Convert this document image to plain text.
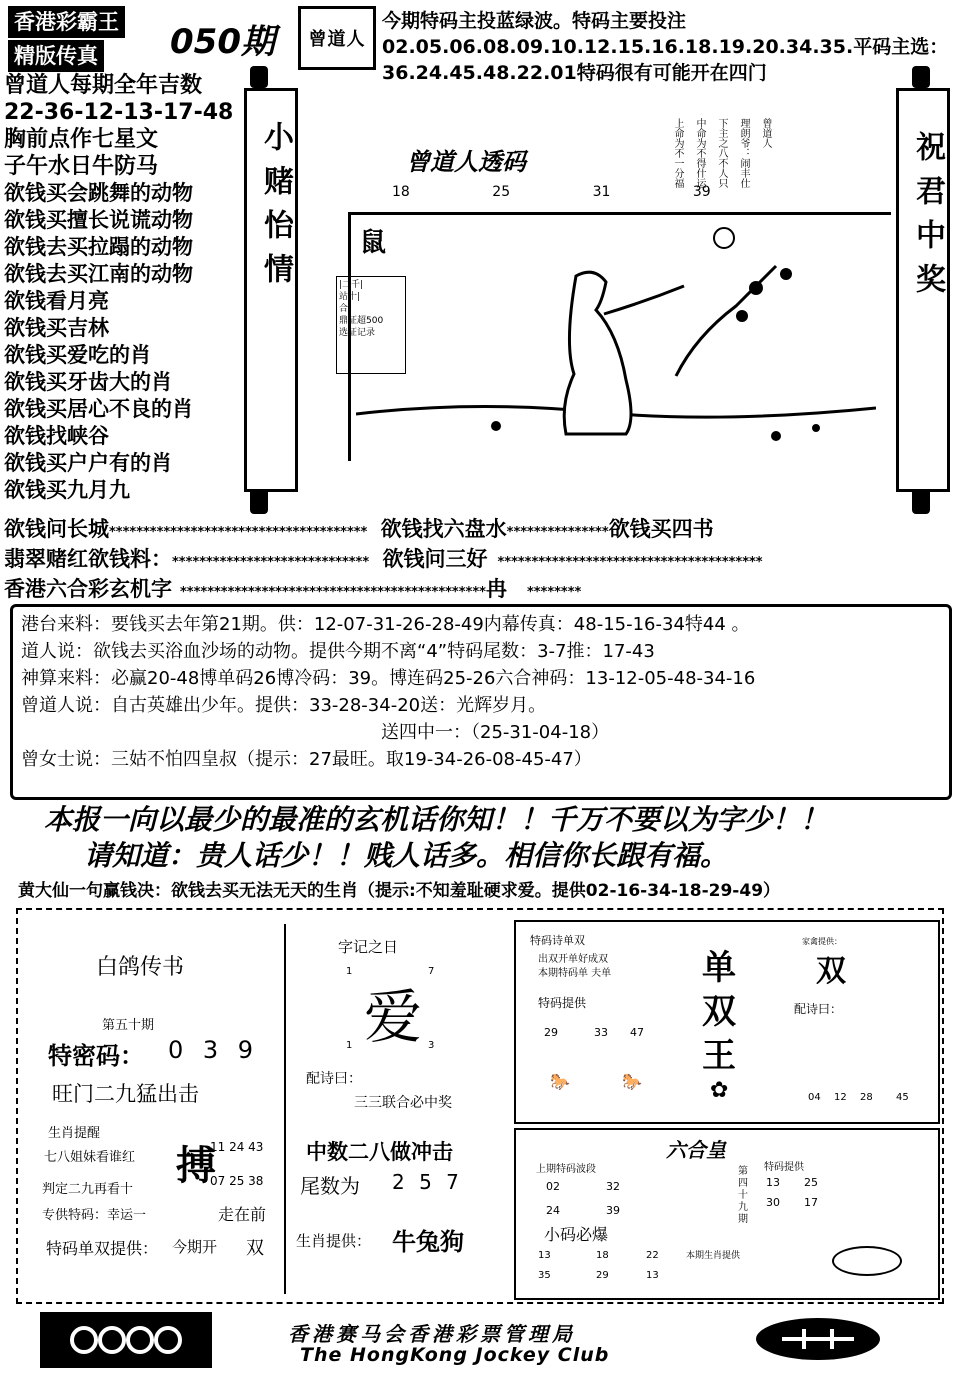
香港彩霸王
精版传真	050期 曾道人
今期特码主投蓝绿波。特码主要投注02.05.06.08.09.10.12.15.16.18.19.20.34.35.平码主选：36.24.45.48.22.01特码很有可能开在四门
曾道人每期全年吉数
22-36-12-13-17-48
胸前点作七星文
子午水日牛防马
欲钱买会跳舞的动物
欲钱买擅长说谎动物
欲钱去买拉蹋的动物
欲钱去买江南的动物
欲钱看月亮
欲钱买吉林
欲钱买爱吃的肖
欲钱买牙齿大的肖
欲钱买居心不良的肖
欲钱找峡谷
欲钱买户户有的肖
欲钱买九月九
小赌怡情	祝君中奖
|二千|
站十|
合
鼎证超500
选证记录
曾道人透码
18	25	31	39
鼠
曾道人
理朗爷：闹丰仕
下主之八不人只
中命为不得什运
上命为不一分福
欲钱问长城************************************** 欲钱找六盘水***************欲钱买四书
翡翠赌红欲钱料：***************************** 欲钱问三好 ***************************************
香港六合彩玄机字 *********************************************冉 ********
港台来料：要钱买去年第21期。供：12-07-31-26-28-49内幕传真：48-15-16-34特44 。
道人说：欲钱去买浴血沙场的动物。提供今期不离“4”特码尾数：3-7推：17-43
神算来料：必赢20-48博单码26博冷码：39。博连码25-26六合神码：13-12-05-48-34-16
曾道人说：自古英雄出少年。提供：33-28-34-20送：光辉岁月。
送四中一：（25-31-04-18）
曾女士说：三姑不怕四皇叔（提示：27最旺。取19-34-26-08-45-47）
本报一向以最少的最准的玄机话你知！！千万不要以为字少！！
请知道：贵人话少！！贱人话多。相信你长跟有福。
黄大仙一句赢钱决：欲钱去买无法无天的生肖（提示:不知羞耻硬求爱。提供02-16-34-18-29-49）
白鸽传书
第五十期
特密码： 0 3 9
旺门二九猛出击
生肖提醒
七八姐妹看谁红
判定二九再看十
专供特码：幸运一
搏
11 24 43
07 25 38
走在前
特码单双提供： 今期开 双
字记之日
1	7
爱
1	3
配诗曰：
三三联合必中奖
中数二八做冲击
尾数为 2 5 7
生肖提供： 牛兔狗
特码诗单双
出双开单好成双
本期特码单 夫单
特码提供
29	33 47
🐎	🐎
单
双
王
✿
家禽提供：
双
配诗曰：
04 12 28 45
六合皇
上期特码波段
02	32
24	39
小码必爆
13	18	22
35	29	13
第四十九期
特码提供
13 25
30 17
本期生肖提供
香港赛马会香港彩票管理局
The HongKong Jockey Club
